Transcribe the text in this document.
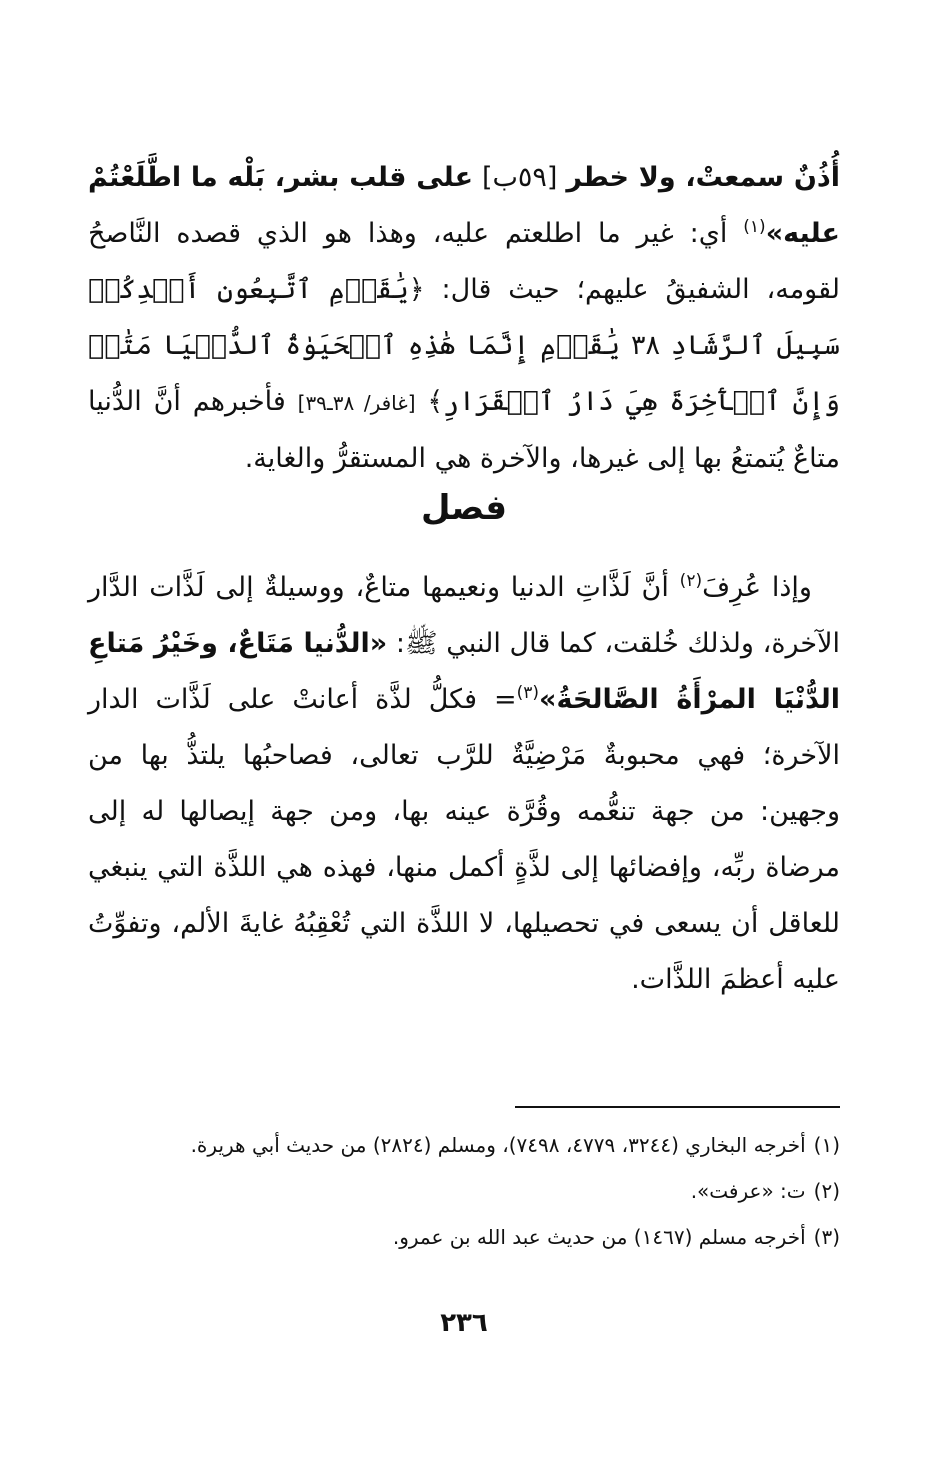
أُذُنٌ سمعتْ، ولا خطر [٥٩ب] على قلب بشر، بَلْه ما اطَّلَعْتُمْ عليه»$^{(١)}$ أي: غير ما اطلعتم عليه، وهذا هو الذي قصده النَّاصحُ لقومه، الشفيقُ عليهم؛ حيث قال: ﴿يَٰقَوۡمِ ٱتَّبِعُونِ أَهۡدِكُمۡ سَبِيلَ ٱلرَّشَادِ ٣٨ يَٰقَوۡمِ إِنَّمَا هَٰذِهِ ٱلۡحَيَوٰةُ ٱلدُّنۡيَا مَتَٰعٞ وَإِنَّ ٱلۡأٓخِرَةَ هِيَ دَارُ ٱلۡقَرَارِ﴾ [غافر/ ٣٨ـ٣٩] فأخبرهم أنَّ الدُّنيا متاعٌ يُتمتعُ بها إلى غيرها، والآخرة هي المستقرُّ والغاية.
فصل
وإذا عُرِفَ$^{(٢)}$ أنَّ لَذَّاتِ الدنيا ونعيمها متاعٌ، ووسيلةٌ إلى لَذَّات الدَّار الآخرة، ولذلك خُلقت، كما قال النبي ﷺ: «الدُّنيا مَتَاعٌ، وخَيْرُ مَتاعِ الدُّنْيَا المرْأَةُ الصَّالحَةُ»$^{(٣)}$= فكلُّ لذَّة أعانتْ على لَذَّات الدار الآخرة؛ فهي محبوبةٌ مَرْضِيَّةٌ للرَّب تعالى، فصاحبُها يلتذُّ بها من وجهين: من جهة تنعُّمه وقُرَّة عينه بها، ومن جهة إيصالها له إلى مرضاة ربِّه، وإفضائها إلى لذَّةٍ أكمل منها، فهذه هي اللذَّة التي ينبغي للعاقل أن يسعى في تحصيلها، لا اللذَّة التي تُعْقِبُهُ غايةَ الألم، وتفوِّتُ عليه أعظمَ اللذَّات.
(١)أخرجه البخاري (٣٢٤٤، ٤٧٧٩، ٧٤٩٨)، ومسلم (٢٨٢٤) من حديث أبي هريرة.
(٢)ت: «عرفت».
(٣)أخرجه مسلم (١٤٦٧) من حديث عبد الله بن عمرو.
٢٣٦
